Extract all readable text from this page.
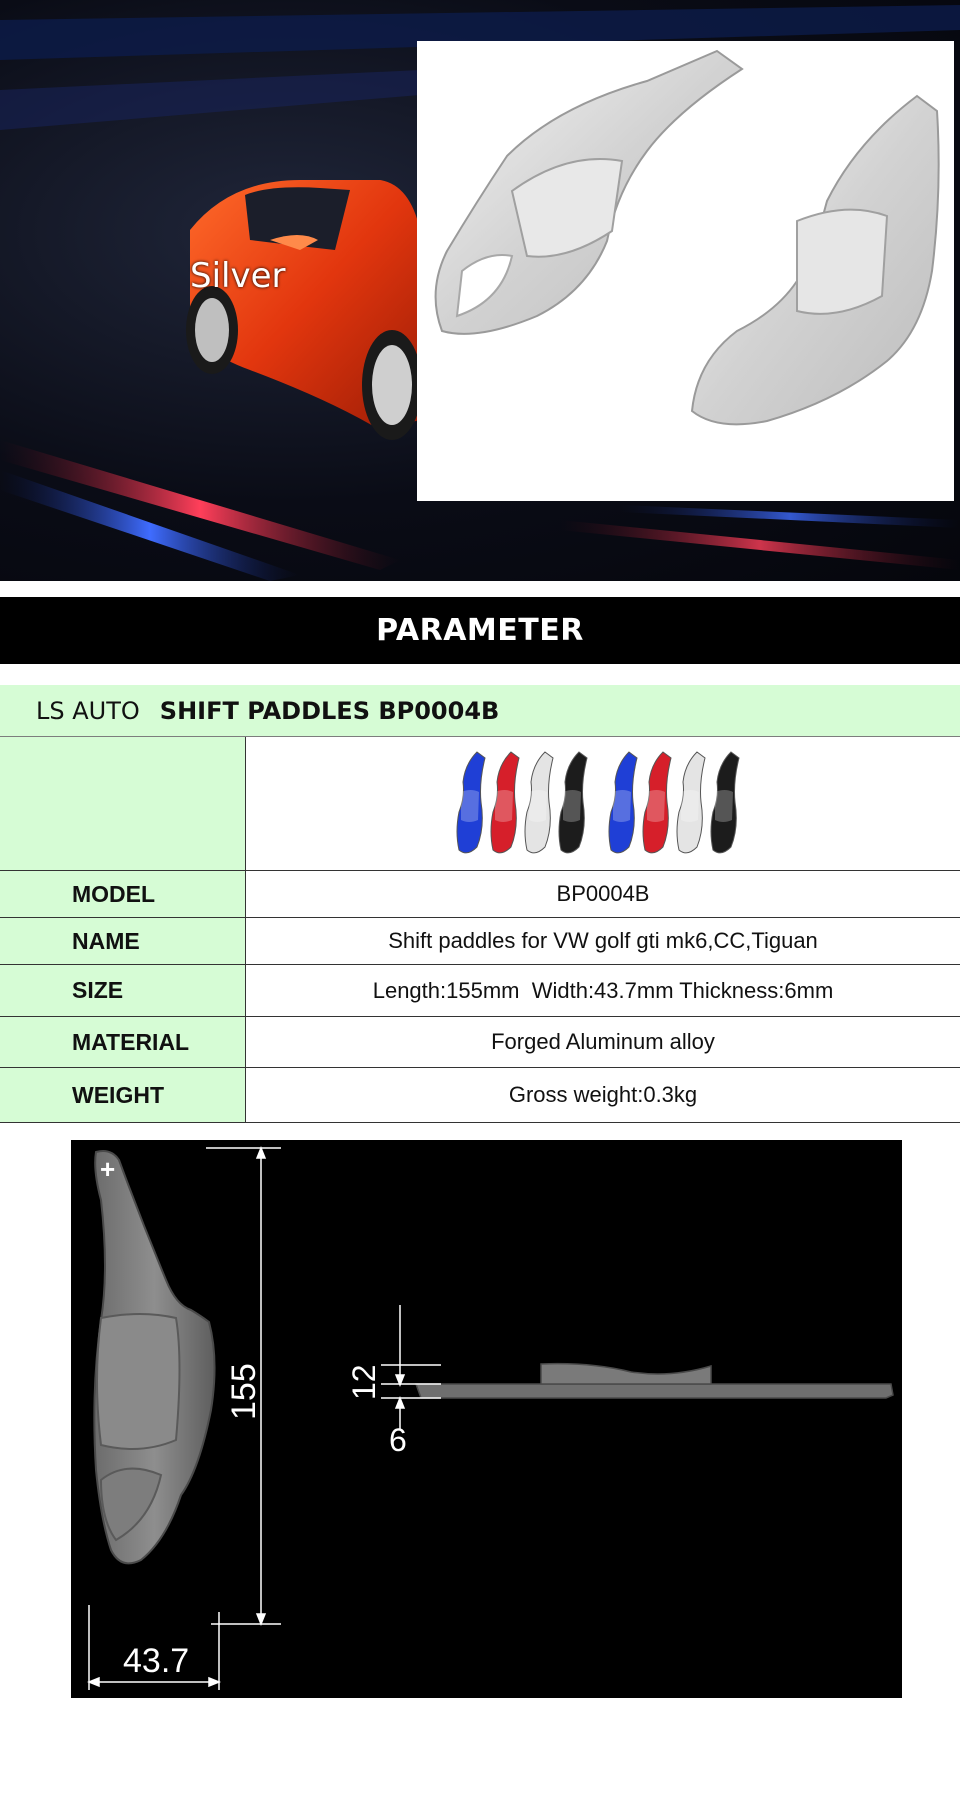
Silver
PARAMETER
LS AUTO SHIFT PADDLES BP0004B
MODEL	BP0004B
NAME	Shift paddles for VW golf gti mk6,CC,Tiguan
SIZE	Length:155mm  Width:43.7mm Thickness:6mm
MATERIAL	Forged Aluminum alloy
WEIGHT	Gross weight:0.3kg
+
155
43.7
12
6
